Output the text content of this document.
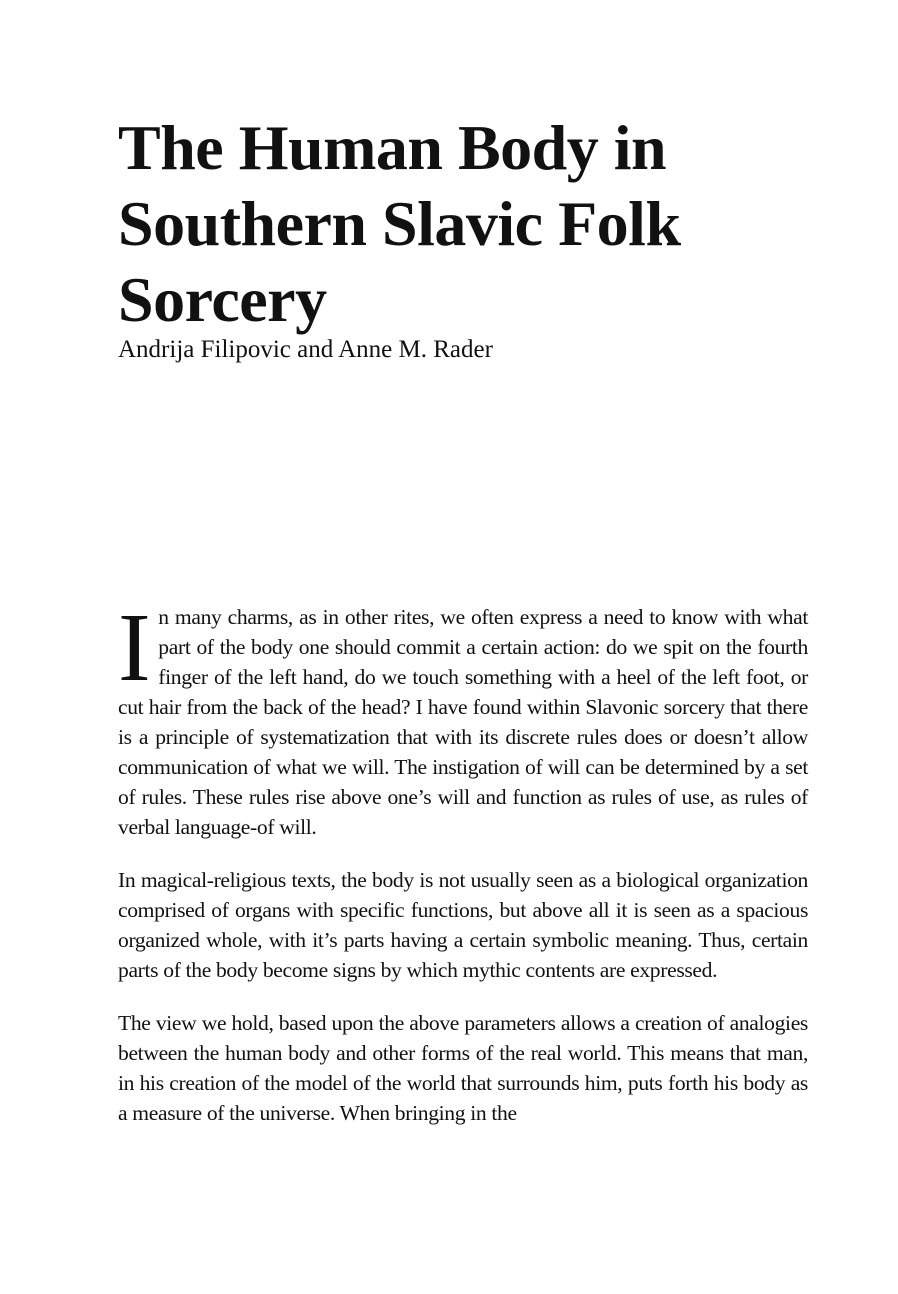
The Human Body in Southern Slavic Folk Sorcery
Andrija Filipovic and Anne M. Rader

In many charms, as in other rites, we often express a need to know with what part of the body one should commit a certain action: do we spit on the fourth finger of the left hand, do we touch something with a heel of the left foot, or cut hair from the back of the head? I have found within Slavonic sorcery that there is a principle of systematization that with its discrete rules does or doesn’t allow communication of what we will. The instigation of will can be determined by a set of rules. These rules rise above one’s will and function as rules of use, as rules of verbal language-of will.

In magical-religious texts, the body is not usually seen as a biological organization comprised of organs with specific functions, but above all it is seen as a spacious organized whole, with it’s parts having a certain symbolic meaning. Thus, certain parts of the body become signs by which mythic contents are expressed.

The view we hold, based upon the above parameters allows a creation of analogies between the human body and other forms of the real world. This means that man, in his creation of the model of the world that surrounds him, puts forth his body as a measure of the universe. When bringing in the
